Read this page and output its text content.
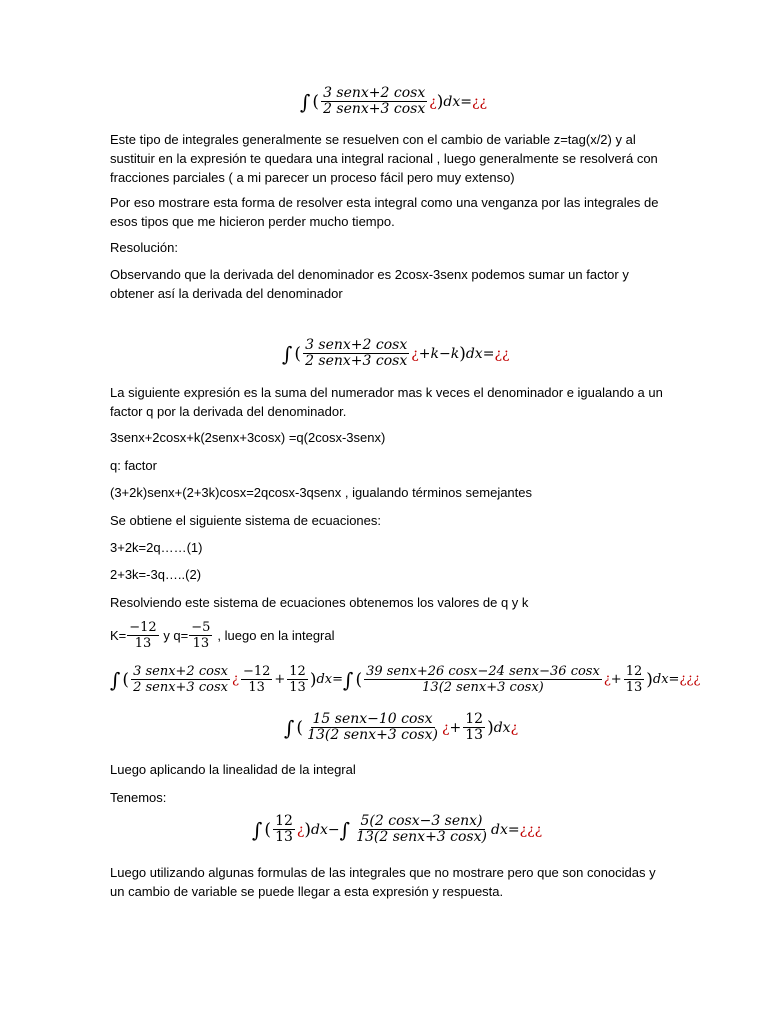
∫ ( $\frac{\text{3 senx+2 cosx}}{\text{2 senx+3 cosx}}$ ¿ ) dx= ¿¿

Este tipo de integrales generalmente se resuelven con el cambio de variable z=tag(x/2) y al sustituir en la expresión te quedara una integral racional , luego generalmente se resolverá con fracciones parciales ( a mi parecer un proceso fácil pero muy extenso)

Por eso mostrare esta forma de resolver esta integral como una venganza por las integrales de esos tipos que me hicieron perder mucho tiempo.

Resolución:

Observando que la derivada del denominador es 2cosx-3senx podemos sumar un factor y obtener así la derivada del denominador

∫ ( $\frac{\text{3 senx+2 cosx}}{\text{2 senx+3 cosx}}$ ¿ +k−k ) dx= ¿¿

La siguiente expresión es la suma del numerador mas k veces el denominador e igualando a un factor q por la derivada del denominador.

3senx+2cosx+k(2senx+3cosx) =q(2cosx-3senx)

q: factor

(3+2k)senx+(2+3k)cosx=2qcosx-3qsenx , igualando términos semejantes

Se obtiene el siguiente sistema de ecuaciones:

3+2k=2q……(1)

2+3k=-3q…..(2)

Resolviendo este sistema de ecuaciones obtenemos los valores de q y k

$K= \frac{-12}{13}$ y $q= \frac{-5}{13}$ , luego en la integral
∫ ( $\frac{\text{3 senx+2 cosx}}{\text{2 senx+3 cosx}}$ ¿ $\frac{-12}{13} + \frac{12}{13}$ ) dx= ∫ ( $\frac{\text{39 senx+26 cosx−24 senx−36 cosx}}{\text{13(2 senx+3 cosx)}}$ ¿ + $\frac{12}{13}$ ) dx= ¿¿¿
∫ ( $\frac{\text{15 senx−10 cosx}}{\text{13(2 senx+3 cosx)}}$ ¿ + $\frac{12}{13}$ ) dx ¿

Luego aplicando la linealidad de la integral

Tenemos:

∫ ( $\frac{12}{13}$ ¿ ) dx− ∫ $\frac{\text{5(2 cosx−3 senx)}}{\text{13(2 senx+3 cosx)}} dx=$ ¿¿¿

Luego utilizando algunas formulas de las integrales que no mostrare pero que son conocidas y un cambio de variable se puede llegar a esta expresión y respuesta.
